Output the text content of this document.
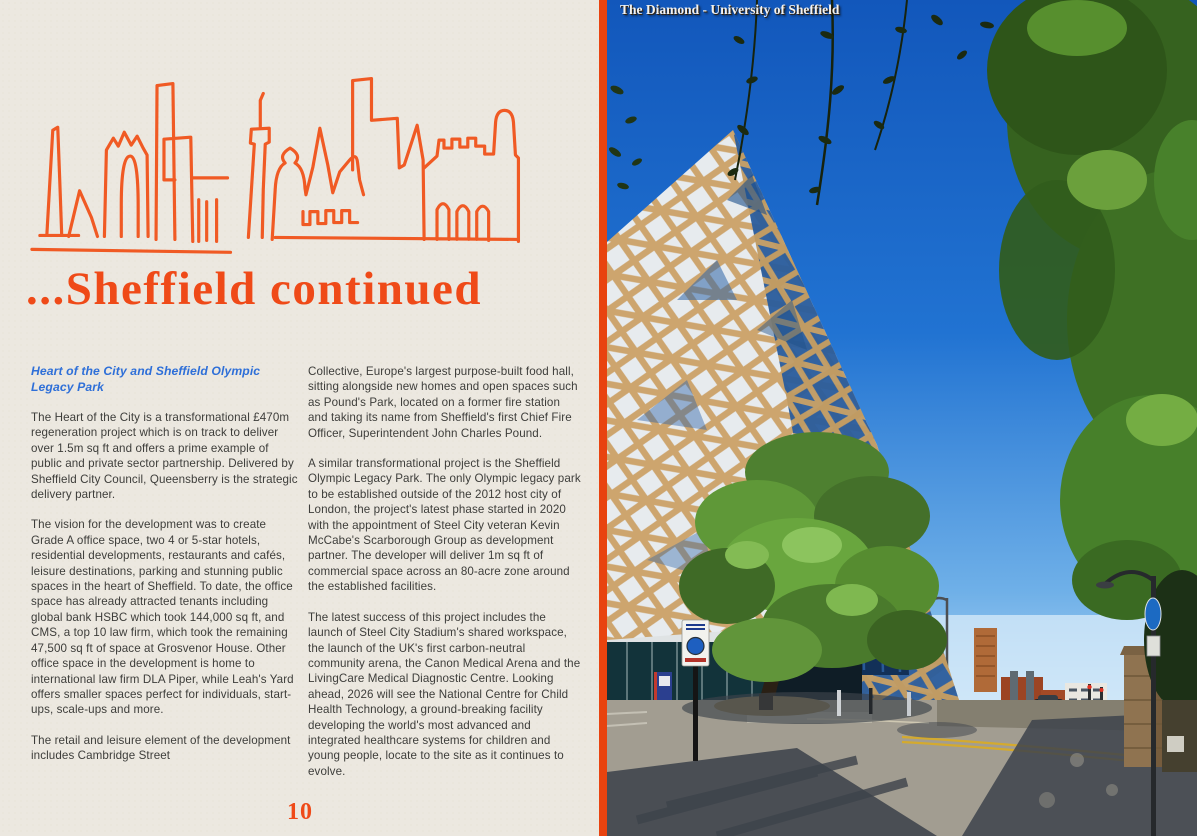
...Sheffield continued
Heart of the City and Sheffield Olympic Legacy Park

The Heart of the City is a transformational £470m regeneration project which is on track to deliver over 1.5m sq ft and offers a prime example of public and private sector partnership. Delivered by Sheffield City Council, Queensberry is the strategic delivery partner.

The vision for the development was to create Grade A office space, two 4 or 5-star hotels, residential developments, restaurants and cafés, leisure destinations, parking and stunning public spaces in the heart of Sheffield. To date, the office space has already attracted tenants including global bank HSBC which took 144,000 sq ft, and CMS, a top 10 law firm, which took the remaining 47,500 sq ft of space at Grosvenor House. Other office space in the development is home to international law firm DLA Piper, while Leah's Yard offers smaller spaces perfect for individuals, start-ups, scale-ups and more.

The retail and leisure element of the development includes Cambridge Street

Collective, Europe's largest purpose-built food hall, sitting alongside new homes and open spaces such as Pound's Park, located on a former fire station and taking its name from Sheffield's first Chief Fire Officer, Superintendent John Charles Pound.

A similar transformational project is the Sheffield Olympic Legacy Park. The only Olympic legacy park to be established outside of the 2012 host city of London, the project's latest phase started in 2020 with the appointment of Steel City veteran Kevin McCabe's Scarborough Group as development partner. The developer will deliver 1m sq ft of commercial space across an 80-acre zone around the established facilities.

The latest success of this project includes the launch of Steel City Stadium's shared workspace, the launch of the UK's first carbon-neutral community arena, the Canon Medical Arena and the LivingCare Medical Diagnostic Centre. Looking ahead, 2026 will see the National Centre for Child Health Technology, a ground-breaking facility developing the world's most advanced and integrated healthcare systems for children and young people, locate to the site as it continues to evolve.

10
The Diamond - University of Sheffield
